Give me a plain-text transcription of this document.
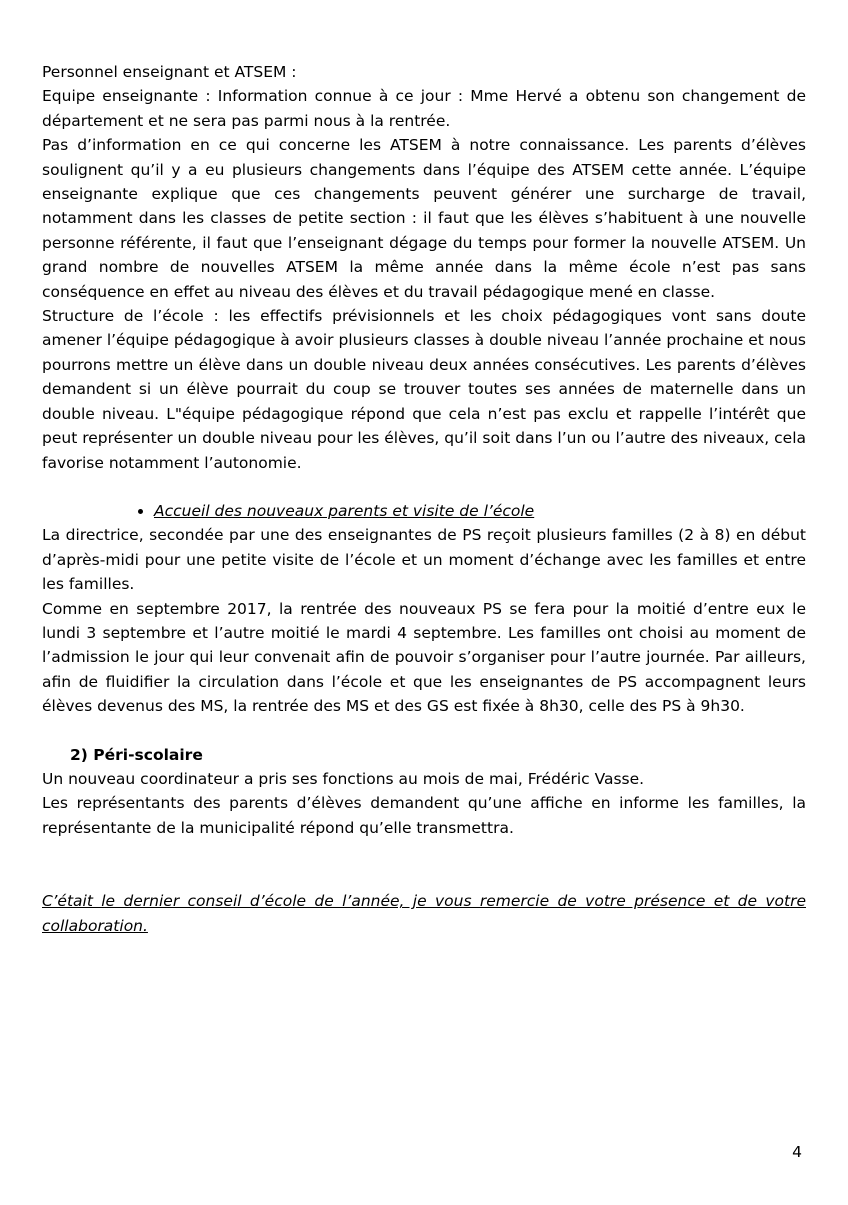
Personnel enseignant et ATSEM :

Equipe enseignante : Information connue à ce jour : Mme Hervé a obtenu son changement de département et ne sera pas parmi nous à la rentrée.

Pas d’information en ce qui concerne les ATSEM à notre connaissance. Les parents d’élèves soulignent qu’il y a eu plusieurs changements dans l’équipe des ATSEM cette année. L’équipe enseignante explique que ces changements peuvent générer une surcharge de travail, notamment dans les classes de petite section : il faut que les élèves s’habituent à une nouvelle personne référente, il faut que l’enseignant dégage du temps pour former la nouvelle ATSEM. Un grand nombre de nouvelles ATSEM la même année dans la même école n’est pas sans conséquence en effet au niveau des élèves et du travail pédagogique mené en classe.

Structure de l’école : les effectifs prévisionnels et les choix pédagogiques vont sans doute amener l’équipe pédagogique à avoir plusieurs classes à double niveau l’année prochaine et nous pourrons mettre un élève dans un double niveau deux années consécutives. Les parents d’élèves demandent si un élève pourrait du coup se trouver toutes ses années de maternelle dans un double niveau. L"équipe pédagogique répond que cela n’est pas exclu et rappelle l’intérêt que peut représenter un double niveau pour les élèves, qu’il soit dans l’un ou l’autre des niveaux, cela favorise notamment l’autonomie.

• Accueil des nouveaux parents et visite de l’école

La directrice, secondée par une des enseignantes de PS reçoit plusieurs familles (2 à 8) en début d’après-midi pour une petite visite de l’école et un moment d’échange avec les familles et entre les familles.

Comme en septembre 2017, la rentrée des nouveaux PS se fera pour la moitié d’entre eux le lundi 3 septembre et l’autre moitié le mardi 4 septembre. Les familles ont choisi au moment de l’admission le jour qui leur convenait afin de pouvoir s’organiser pour l’autre journée. Par ailleurs, afin de fluidifier la circulation dans l’école et que les enseignantes de PS accompagnent leurs élèves devenus des MS, la rentrée des MS et des GS est fixée à 8h30, celle des PS à 9h30.

2) Péri-scolaire

Un nouveau coordinateur a pris ses fonctions au mois de mai, Frédéric Vasse.

Les représentants des parents d’élèves demandent qu’une affiche en informe les familles, la représentante de la municipalité répond qu’elle transmettra.

C’était le dernier conseil d’école de l’année, je vous remercie de votre présence et de votre collaboration.

4
